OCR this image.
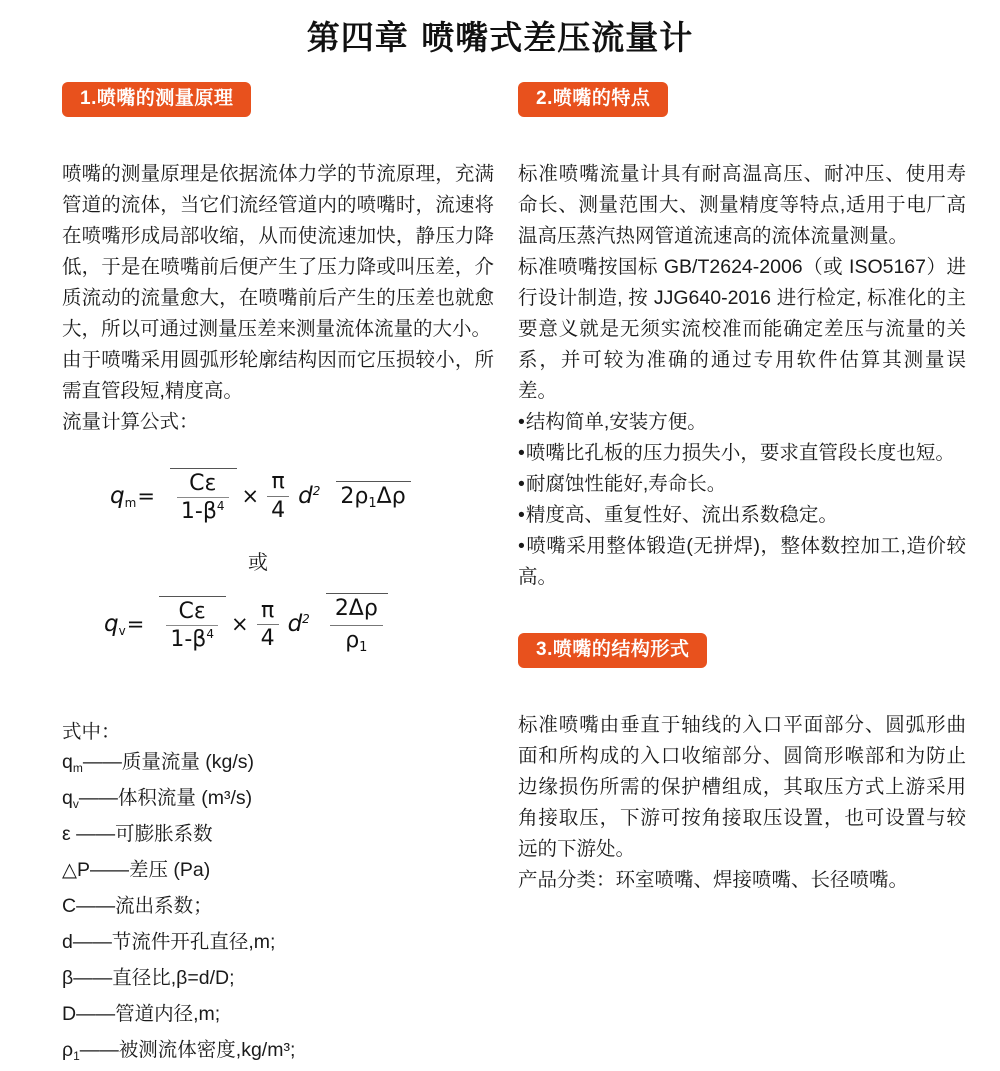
第四章 喷嘴式差压流量计
1.喷嘴的测量原理

喷嘴的测量原理是依据流体力学的节流原理，充满管道的流体，当它们流经管道内的喷嘴时，流速将在喷嘴形成局部收缩，从而使流速加快，静压力降低，于是在喷嘴前后便产生了压力降或叫压差，介质流动的流量愈大，在喷嘴前后产生的压差也就愈大，所以可通过测量压差来测量流体流量的大小。

由于喷嘴采用圆弧形轮廓结构因而它压损较小，所需直管段短,精度高。

流量计算公式：

$q_m = \frac{C\varepsilon}{1-\beta^4} \times \frac{\pi}{4} d^2$ 2ρ1Δρ
或
$q_v = \frac{C\varepsilon}{1-\beta^4} \times \frac{\pi}{4} d^2 \frac{2\Delta\rho}{\rho 1}$
式中：
$q_m——$质量流量 (kg/s)
$q_v——$体积流量 (m³/s)
ε ——可膨胀系数
△P——差压 (Pa)
C——流出系数；
d——节流件开孔直径,m;
β——直径比,β=d/D;
D——管道内径,m;
$\rho_1——$被测流体密度,kg/m³;
2.喷嘴的特点

标准喷嘴流量计具有耐高温高压、耐冲压、使用寿命长、测量范围大、测量精度等特点,适用于电厂高温高压蒸汽热网管道流速高的流体流量测量。

标准喷嘴按国标 GB/T2624-2006（或 ISO5167）进行设计制造, 按 JJG640-2016 进行检定, 标准化的主要意义就是无须实流校准而能确定差压与流量的关系，并可较为准确的通过专用软件估算其测量误差。

• 结构简单,安装方便。
• 喷嘴比孔板的压力损失小，要求直管段长度也短。
• 耐腐蚀性能好,寿命长。
• 精度高、重复性好、流出系数稳定。
• 喷嘴采用整体锻造(无拼焊)，整体数控加工,造价较高。
3.喷嘴的结构形式

标准喷嘴由垂直于轴线的入口平面部分、圆弧形曲面和所构成的入口收缩部分、圆筒形喉部和为防止边缘损伤所需的保护槽组成，其取压方式上游采用角接取压，下游可按角接取压设置，也可设置与较远的下游处。

产品分类：环室喷嘴、焊接喷嘴、长径喷嘴。
